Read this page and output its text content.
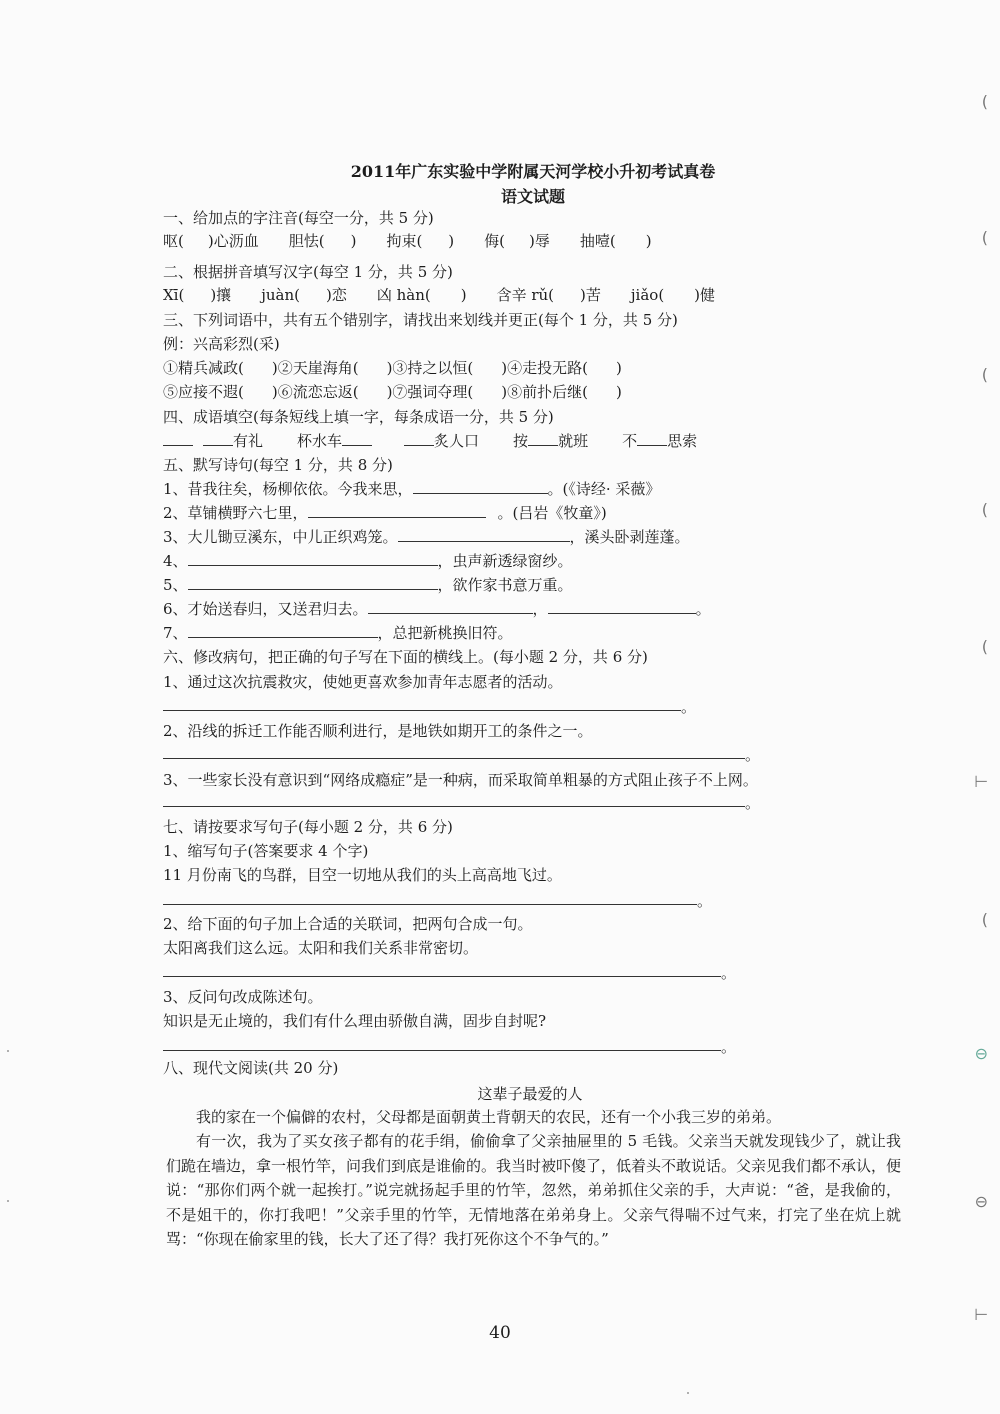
(
(
(
(
(
⊢
(
⊖
⊖
⊢
2011年广东实验中学附属天河学校小升初考试真卷
语文试题
一、给加点的字注音(每空一分，共 5 分)
呕( )心沥血 胆怯( ) 拘束( ) 侮( )辱 抽噎( )
二、根据拼音填写汉字(每空 1 分，共 5 分)
Xī( )攘 juàn( )恋 凶 hàn( ) 含辛 rǔ( )苦 jiǎo( )健
三、下列词语中，共有五个错别字，请找出来划线并更正(每个 1 分，共 5 分)
例：兴高彩烈(采)
①精兵减政( )②天崖海角( )③持之以恒( )④走投无路( )
⑤应接不遐( )⑥流恋忘返( )⑦强词夺理( )⑧前扑后继( )
四、成语填空(每条短线上填一字，每条成语一分，共 5 分)
有礼 杯水车	炙人口 按 就班 不 思索
五、默写诗句(每空 1 分，共 8 分)
1、昔我往矣，杨柳依依。今我来思，	。(《诗经· 采薇》
2、草铺横野六七里，	。(吕岩《牧童》)
3、大儿锄豆溪东，中儿正织鸡笼。	，溪头卧剥莲蓬。
4、	，虫声新透绿窗纱。
5、	，欲作家书意万重。
6、才始送春归，又送君归去。	，	。
7、	，总把新桃换旧符。
六、修改病句，把正确的句子写在下面的横线上。(每小题 2 分，共 6 分)
1、通过这次抗震救灾，使她更喜欢参加青年志愿者的活动。
。
2、沿线的拆迁工作能否顺利进行，是地铁如期开工的条件之一。
。
3、一些家长没有意识到“网络成瘾症”是一种病，而采取简单粗暴的方式阻止孩子不上网。
。
七、请按要求写句子(每小题 2 分，共 6 分)
1、缩写句子(答案要求 4 个字)
11 月份南飞的鸟群，目空一切地从我们的头上高高地飞过。
。
2、给下面的句子加上合适的关联词，把两句合成一句。
太阳离我们这么远。太阳和我们关系非常密切。
。
3、反问句改成陈述句。
知识是无止境的，我们有什么理由骄傲自满，固步自封呢?
。
八、现代文阅读(共 20 分)
这辈子最爱的人
我的家在一个偏僻的农村，父母都是面朝黄土背朝天的农民，还有一个小我三岁的弟弟。
有一次，我为了买女孩子都有的花手绢，偷偷拿了父亲抽屉里的 5 毛钱。父亲当天就发现钱少了，就让我们跪在墙边，拿一根竹竿，问我们到底是谁偷的。我当时被吓傻了，低着头不敢说话。父亲见我们都不承认，便说：“那你们两个就一起挨打。”说完就扬起手里的竹竿，忽然，弟弟抓住父亲的手，大声说：“爸，是我偷的，不是姐干的，你打我吧！”父亲手里的竹竿，无情地落在弟弟身上。父亲气得喘不过气来，打完了坐在炕上就骂：“你现在偷家里的钱，长大了还了得？我打死你这个不争气的。”
40
